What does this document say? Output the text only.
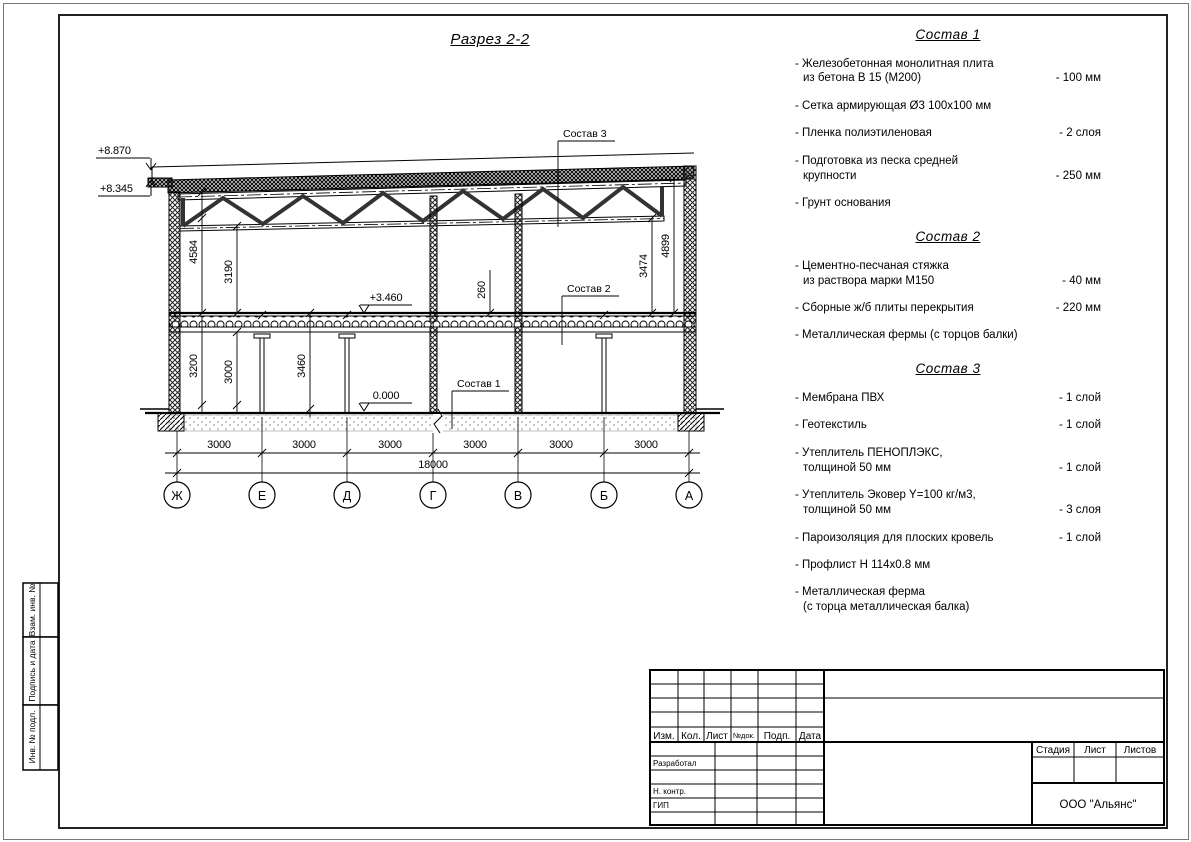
Разрез 2-2	Состав 1
- Железобетонная монолитная плита
из бетона В 15 (М200)	- 100 мм
- Сетка армирующая Ø3 100х100 мм
- Пленка полиэтиленовая	- 2 слоя
- Подготовка из песка средней
крупности	- 250 мм
- Грунт основания
Состав 2
- Цементно-песчаная стяжка
из раствора марки М150	- 40 мм
- Сборные ж/б плиты перекрытия	- 220 мм
- Металлическая фермы (с торцов балки)
Состав 3
- Мембрана ПВХ	- 1 слой
- Геотекстиль	- 1 слой
- Утеплитель ПЕНОПЛЭКС,
толщиной 50 мм	- 1 слой
- Утеплитель Эковер Y=100 кг/м3,
толщиной 50 мм	- 3 слоя
- Пароизоляция для плоских кровель	- 1 слой
- Профлист Н 114х0.8 мм
- Металлическая ферма
(с торца металлическая балка)
+8.870
+8.345
+3.460
0.000
4584
3190	3474
4899
3200 3000	3460
260
Состав 3
Состав 2
Состав 1
3000	3000	3000	3000	3000	3000
18000
Ж	Е	Д	Г	В	Б	А
Изм. Кол. Лист №док. Подп. Дата
Разработал
Н. контр.
ГИП
Стадия Лист Листов
ООО "Альянс"
Взам. инв. №
Подпись и дата
Инв. № подл.
